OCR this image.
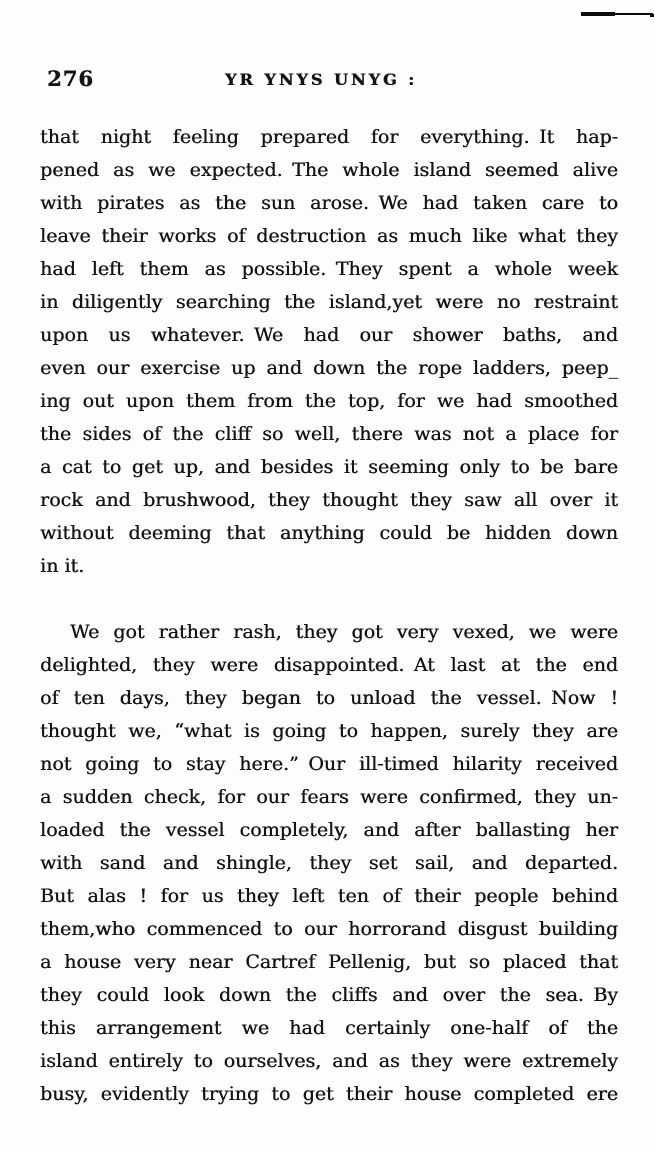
276	YR YNYS UNYG :
that night feeling prepared for everything. It hap-
pened as we expected. The whole island seemed alive
with pirates as the sun arose. We had taken care to
leave their works of destruction as much like what they
had left them as possible. They spent a whole week
in diligently searching the island,yet were no restraint
upon us whatever. We had our shower baths, and
even our exercise up and down the rope ladders, peep_
ing out upon them from the top, for we had smoothed
the sides of the cliff so well, there was not a place for
a cat to get up, and besides it seeming only to be bare
rock and brushwood, they thought they saw all over it
without deeming that anything could be hidden down
in it.
We got rather rash, they got very vexed, we were
delighted, they were disappointed. At last at the end
of ten days, they began to unload the vessel. Now !
thought we, “what is going to happen, surely they are
not going to stay here.” Our ill-timed hilarity received
a sudden check, for our fears were confirmed, they un-
loaded the vessel completely, and after ballasting her
with sand and shingle, they set sail, and departed.
But alas ! for us they left ten of their people behind
them,who commenced to our horrorand disgust building
a house very near Cartref Pellenig, but so placed that
they could look down the cliffs and over the sea. By
this arrangement we had certainly one-half of the
island entirely to ourselves, and as they were extremely
busy, evidently trying to get their house completed ere
